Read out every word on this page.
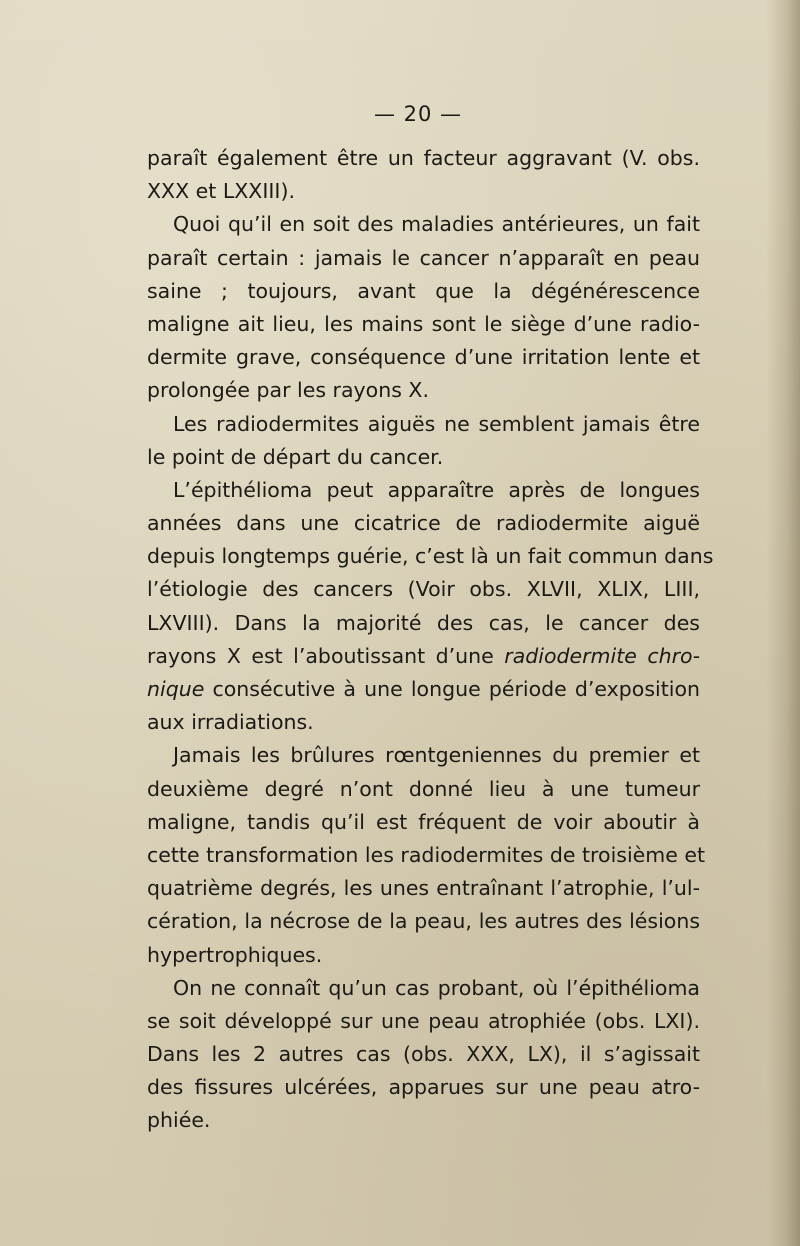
— 20 —
paraît également être un facteur aggravant (V. obs.
XXX et LXXIII).
Quoi qu’il en soit des maladies antérieures, un fait
paraît certain : jamais le cancer n’apparaît en peau
saine ; toujours, avant que la dégénérescence
maligne ait lieu, les mains sont le siège d’une radio-
dermite grave, conséquence d’une irritation lente et
prolongée par les rayons X.
Les radiodermites aiguës ne semblent jamais être
le point de départ du cancer.
L’épithélioma peut apparaître après de longues
années dans une cicatrice de radiodermite aiguë
depuis longtemps guérie, c’est là un fait commun dans
l’étiologie des cancers (Voir obs. XLVII, XLIX, LIII,
LXVIII). Dans la majorité des cas, le cancer des
rayons X est l’aboutissant d’une radiodermite chro-
nique consécutive à une longue période d’exposition
aux irradiations.
Jamais les brûlures rœntgeniennes du premier et
deuxième degré n’ont donné lieu à une tumeur
maligne, tandis qu’il est fréquent de voir aboutir à
cette transformation les radiodermites de troisième et
quatrième degrés, les unes entraînant l’atrophie, l’ul-
cération, la nécrose de la peau, les autres des lésions
hypertrophiques.
On ne connaît qu’un cas probant, où l’épithélioma
se soit développé sur une peau atrophiée (obs. LXI).
Dans les 2 autres cas (obs. XXX, LX), il s’agissait
des fissures ulcérées, apparues sur une peau atro-
phiée.
